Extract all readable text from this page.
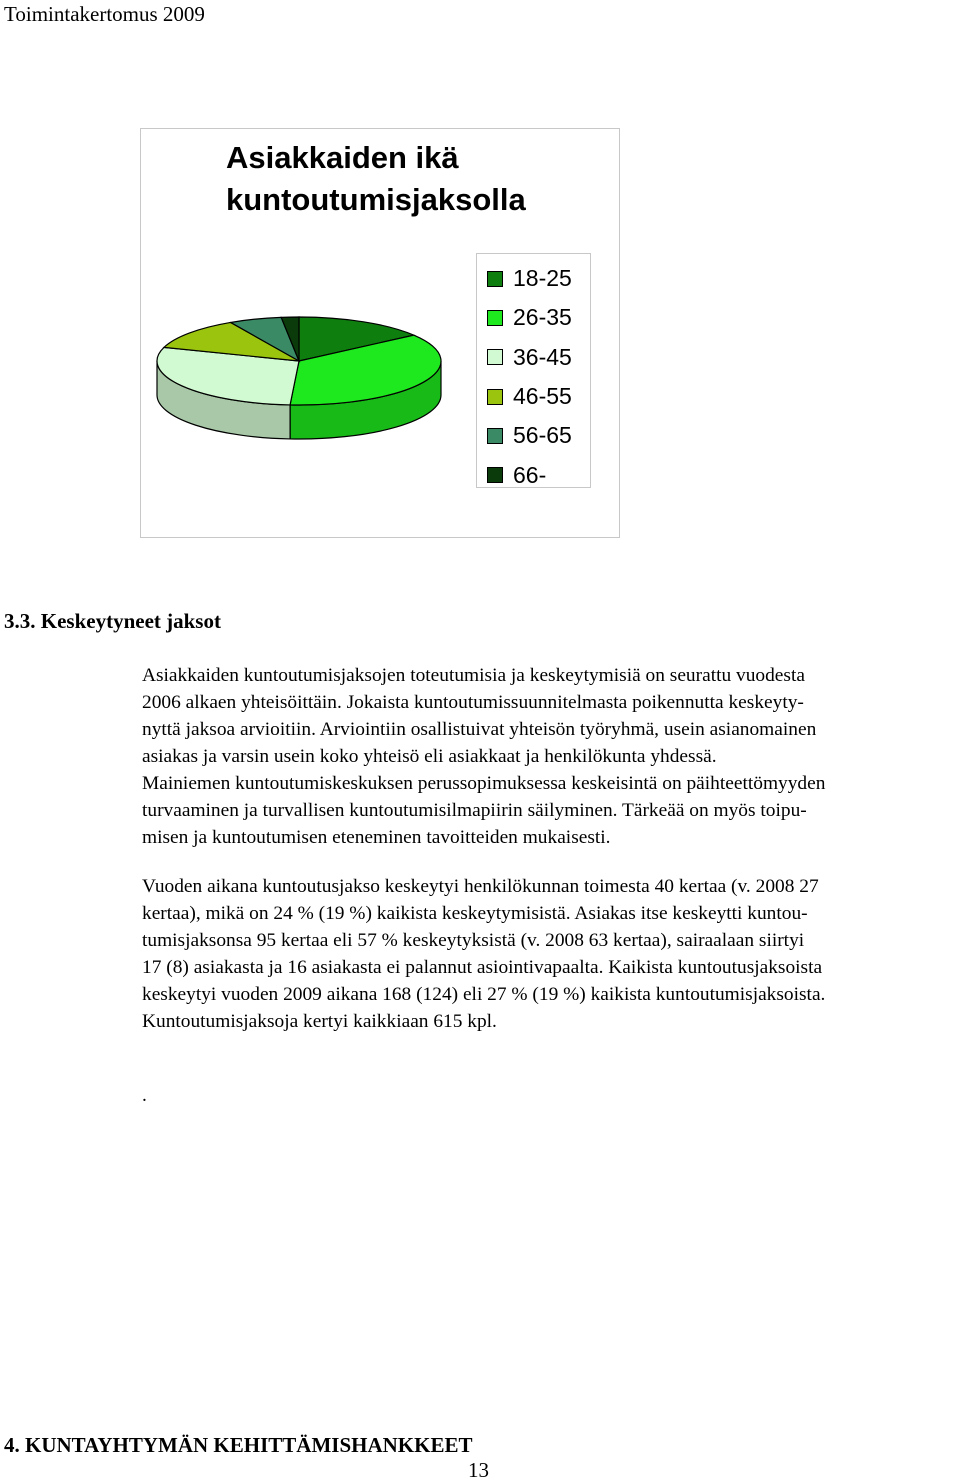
Toimintakertomus 2009
Asiakkaiden ikä
kuntoutumisjaksolla
18-25
26-35
36-45
46-55
56-65
66-
3.3. Keskeytyneet jaksot
Asiakkaiden kuntoutumisjaksojen toteutumisia ja keskeytymisiä on seurattu vuodesta
2006 alkaen yhteisöittäin. Jokaista kuntoutumissuunnitelmasta poikennutta keskeyty-
nyttä jaksoa arvioitiin. Arviointiin osallistuivat yhteisön työryhmä, usein asianomainen
asiakas ja varsin usein koko yhteisö eli asiakkaat ja henkilökunta yhdessä.
Mainiemen kuntoutumiskeskuksen perussopimuksessa keskeisintä on päihteettömyyden
turvaaminen ja turvallisen kuntoutumisilmapiirin säilyminen. Tärkeää on myös toipu-
misen ja kuntoutumisen eteneminen tavoitteiden mukaisesti.
Vuoden aikana kuntoutusjakso keskeytyi henkilökunnan toimesta 40 kertaa (v. 2008 27
kertaa), mikä on 24 % (19 %) kaikista keskeytymisistä. Asiakas itse keskeytti kuntou-
tumisjaksonsa 95 kertaa eli 57 % keskeytyksistä (v. 2008 63 kertaa), sairaalaan siirtyi
17 (8) asiakasta ja 16 asiakasta ei palannut asiointivapaalta. Kaikista kuntoutusjaksoista
keskeytyi vuoden 2009 aikana 168 (124) eli 27 % (19 %) kaikista kuntoutumisjaksoista.
Kuntoutumisjaksoja kertyi kaikkiaan 615 kpl.
.
4. KUNTAYHTYMÄN KEHITTÄMISHANKKEET
13
